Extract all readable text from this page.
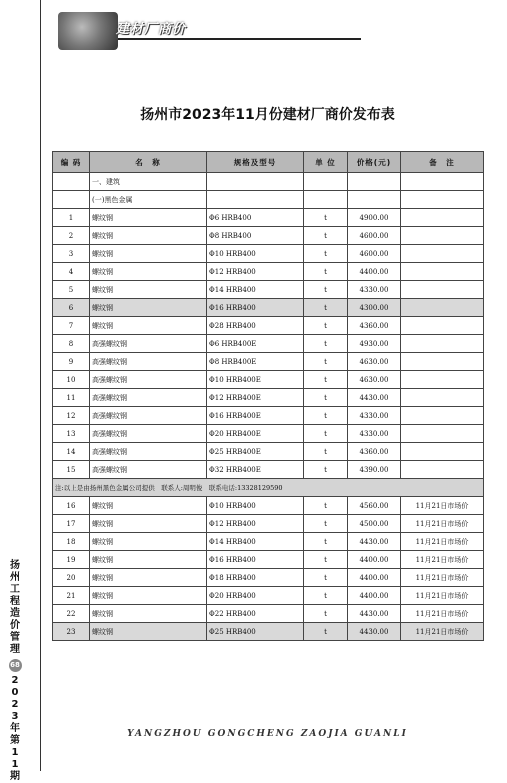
扬
州
工
程
造
价
管
理
68
2
0
2
3
年
第
1
1
期
建材厂商价
扬州市2023年11月份建材厂商价发布表
编 码	名　称	规格及型号	单 位	价格(元)	备　注
	一、建筑				
	(一)黑色金属				
1	螺纹钢	Φ6 HRB400	t	4900.00	
2	螺纹钢	Φ8 HRB400	t	4600.00	
3	螺纹钢	Φ10 HRB400	t	4600.00	
4	螺纹钢	Φ12 HRB400	t	4400.00	
5	螺纹钢	Φ14 HRB400	t	4330.00	
6	螺纹钢	Φ16 HRB400	t	4300.00	
7	螺纹钢	Φ28 HRB400	t	4360.00	
8	高强螺纹钢	Φ6 HRB400E	t	4930.00	
9	高强螺纹钢	Φ8 HRB400E	t	4630.00	
10	高强螺纹钢	Φ10 HRB400E	t	4630.00	
11	高强螺纹钢	Φ12 HRB400E	t	4430.00	
12	高强螺纹钢	Φ16 HRB400E	t	4330.00	
13	高强螺纹钢	Φ20 HRB400E	t	4330.00	
14	高强螺纹钢	Φ25 HRB400E	t	4360.00	
15	高强螺纹钢	Φ32 HRB400E	t	4390.00	
注:以上是由扬州黑色金属公司提供　联系人:周明俊　联系电话:13328129590					
16	螺纹钢	Φ10 HRB400	t	4560.00	11月21日市场价
17	螺纹钢	Φ12 HRB400	t	4500.00	11月21日市场价
18	螺纹钢	Φ14 HRB400	t	4430.00	11月21日市场价
19	螺纹钢	Φ16 HRB400	t	4400.00	11月21日市场价
20	螺纹钢	Φ18 HRB400	t	4400.00	11月21日市场价
21	螺纹钢	Φ20 HRB400	t	4400.00	11月21日市场价
22	螺纹钢	Φ22 HRB400	t	4430.00	11月21日市场价
23	螺纹钢	Φ25 HRB400	t	4430.00	11月21日市场价
YANGZHOU GONGCHENG ZAOJIA GUANLI
